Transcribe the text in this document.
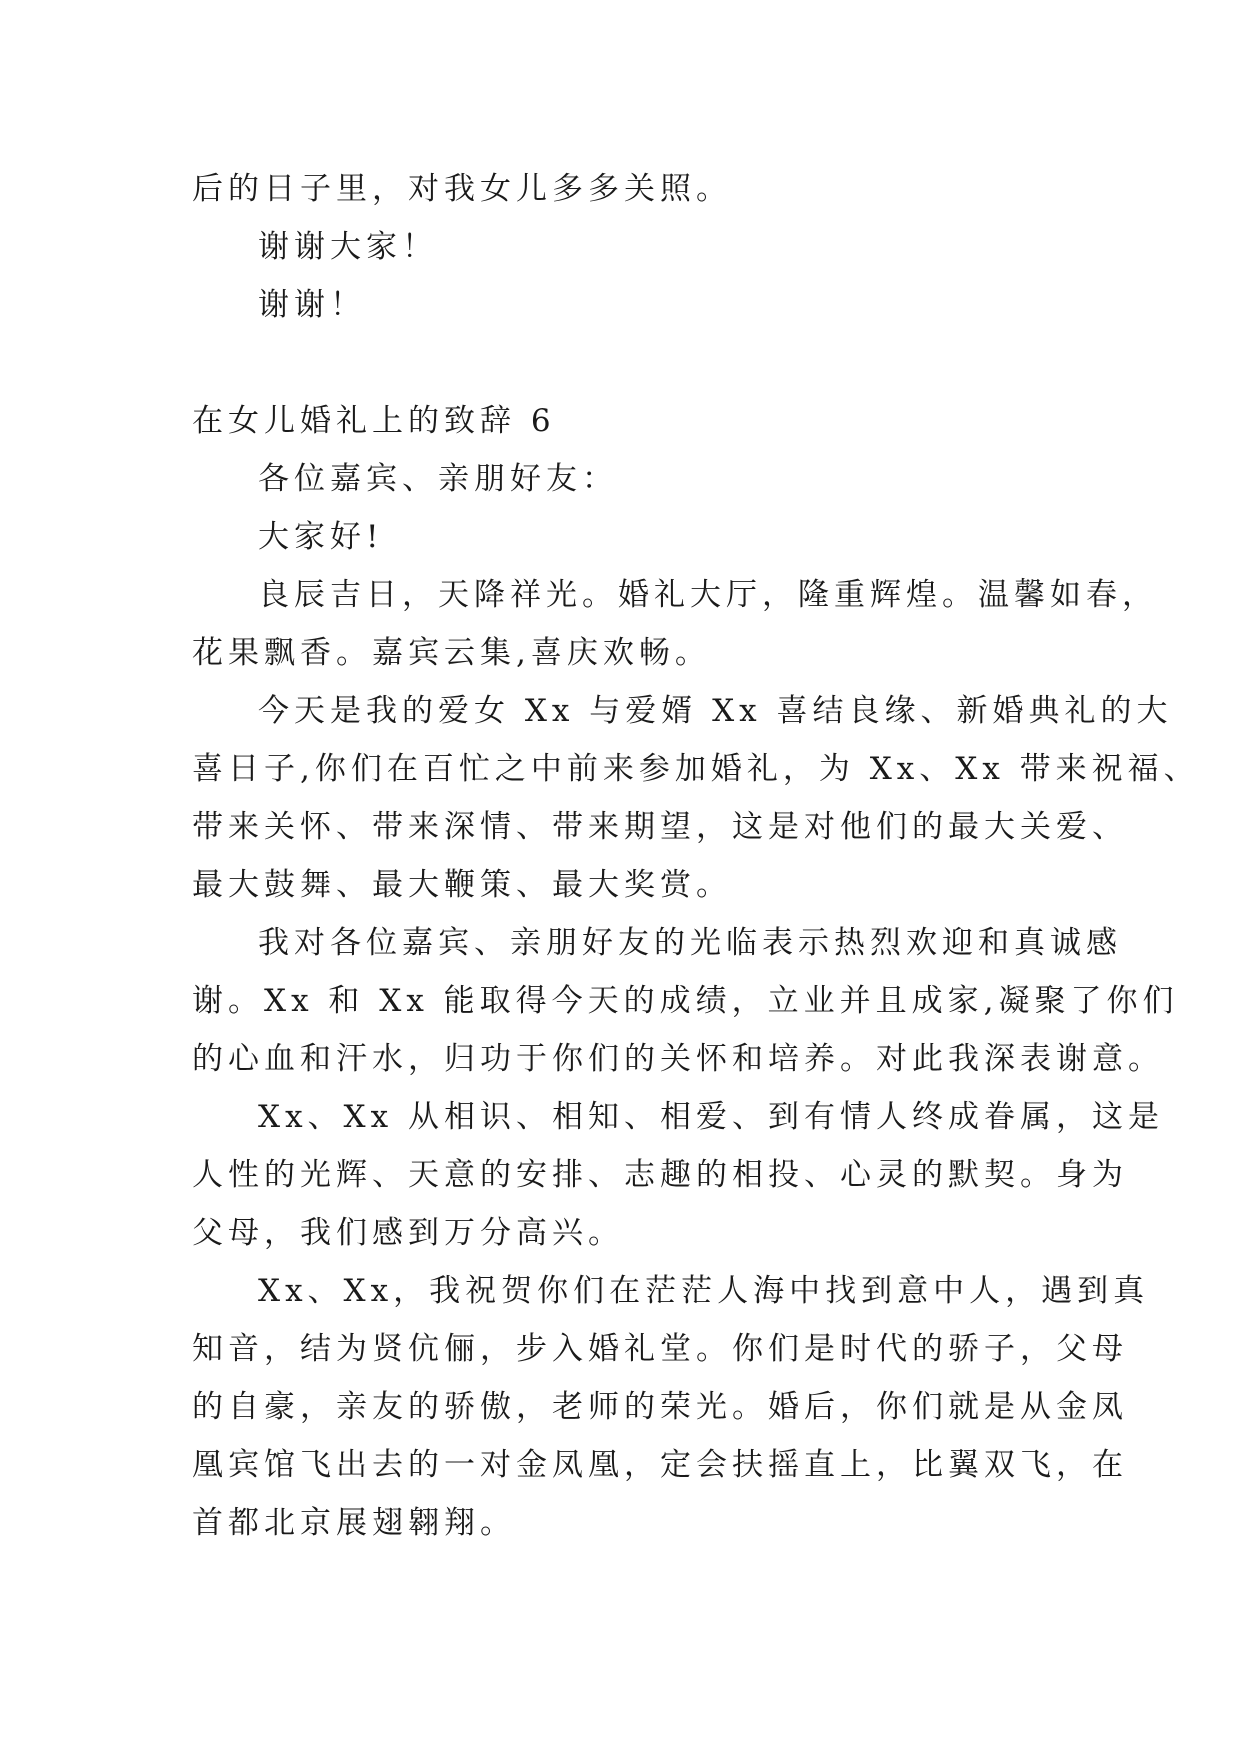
后的日子里，对我女儿多多关照。

谢谢大家！

谢谢！

在女儿婚礼上的致辞 6

各位嘉宾、亲朋好友：

大家好!

良辰吉日，天降祥光。婚礼大厅，隆重辉煌。温馨如春，

花果飘香。嘉宾云集,喜庆欢畅。

今天是我的爱女 Xx 与爱婿 Xx 喜结良缘、新婚典礼的大

喜日子,你们在百忙之中前来参加婚礼，为 Xx、Xx 带来祝福、

带来关怀、带来深情、带来期望，这是对他们的最大关爱、

最大鼓舞、最大鞭策、最大奖赏。

我对各位嘉宾、亲朋好友的光临表示热烈欢迎和真诚感

谢。Xx 和 Xx 能取得今天的成绩，立业并且成家,凝聚了你们

的心血和汗水，归功于你们的关怀和培养。对此我深表谢意。

Xx、Xx 从相识、相知、相爱、到有情人终成眷属，这是

人性的光辉、天意的安排、志趣的相投、心灵的默契。身为

父母，我们感到万分高兴。

Xx、Xx，我祝贺你们在茫茫人海中找到意中人，遇到真

知音，结为贤伉俪，步入婚礼堂。你们是时代的骄子，父母

的自豪，亲友的骄傲，老师的荣光。婚后，你们就是从金凤

凰宾馆飞出去的一对金凤凰，定会扶摇直上，比翼双飞，在

首都北京展翅翱翔。
